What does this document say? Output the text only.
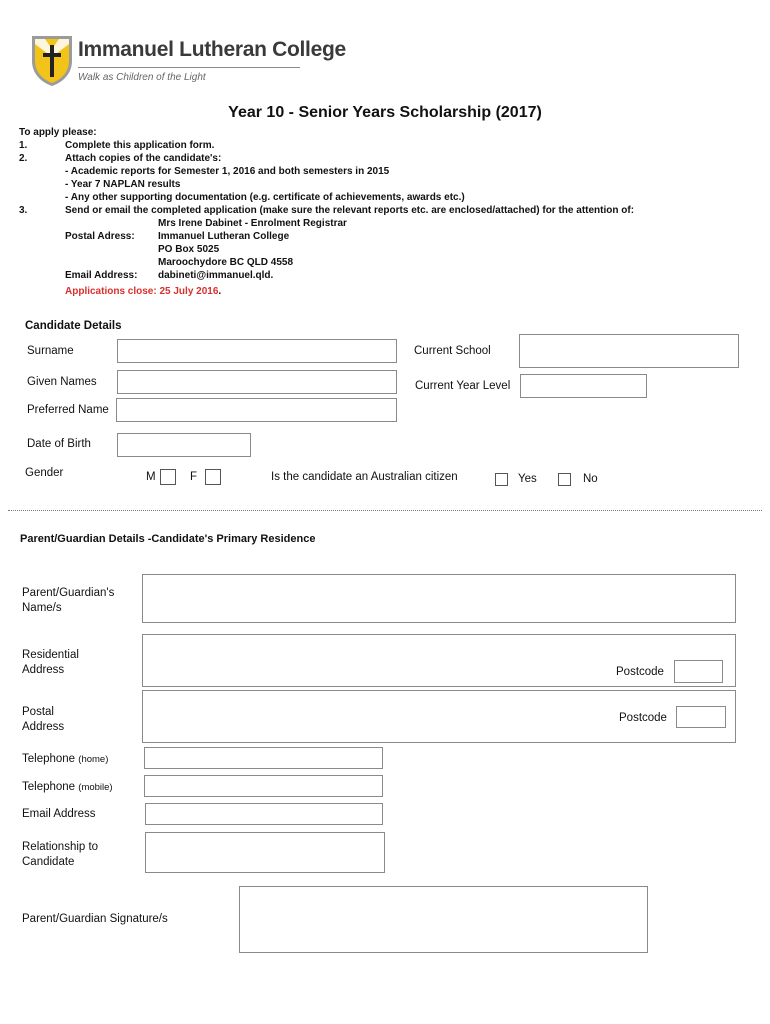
Immanuel Lutheran College
Walk as Children of the Light
Year 10 - Senior Years Scholarship (2017)
To apply please:
1.	Complete this application form.
2.	Attach copies of the candidate's:
- Academic reports for Semester 1, 2016 and both semesters in 2015
- Year 7 NAPLAN results
- Any other supporting documentation (e.g. certificate of achievements, awards etc.)
3.	Send or email the completed application (make sure the relevant reports etc. are enclosed/attached) for the attention of:
Mrs Irene Dabinet - Enrolment Registrar
Postal Adress: Immanuel Lutheran College
PO Box 5025
Maroochydore BC QLD 4558
Email Address: dabineti@immanuel.qld.
Applications close: 25 July 2016.
Candidate Details
Surname	Current School
Given Names	Current Year Level
Preferred Name
Date of Birth
Gender	M	F	Is the candidate an Australian citizen	Yes	No
Parent/Guardian Details -Candidate's Primary Residence
Parent/Guardian's
Name/s
Residential
Address	Postcode
Postal
Address
Postcode
Telephone (home)
Telephone (mobile)
Email Address
Relationship to
Candidate
Parent/Guardian Signature/s
